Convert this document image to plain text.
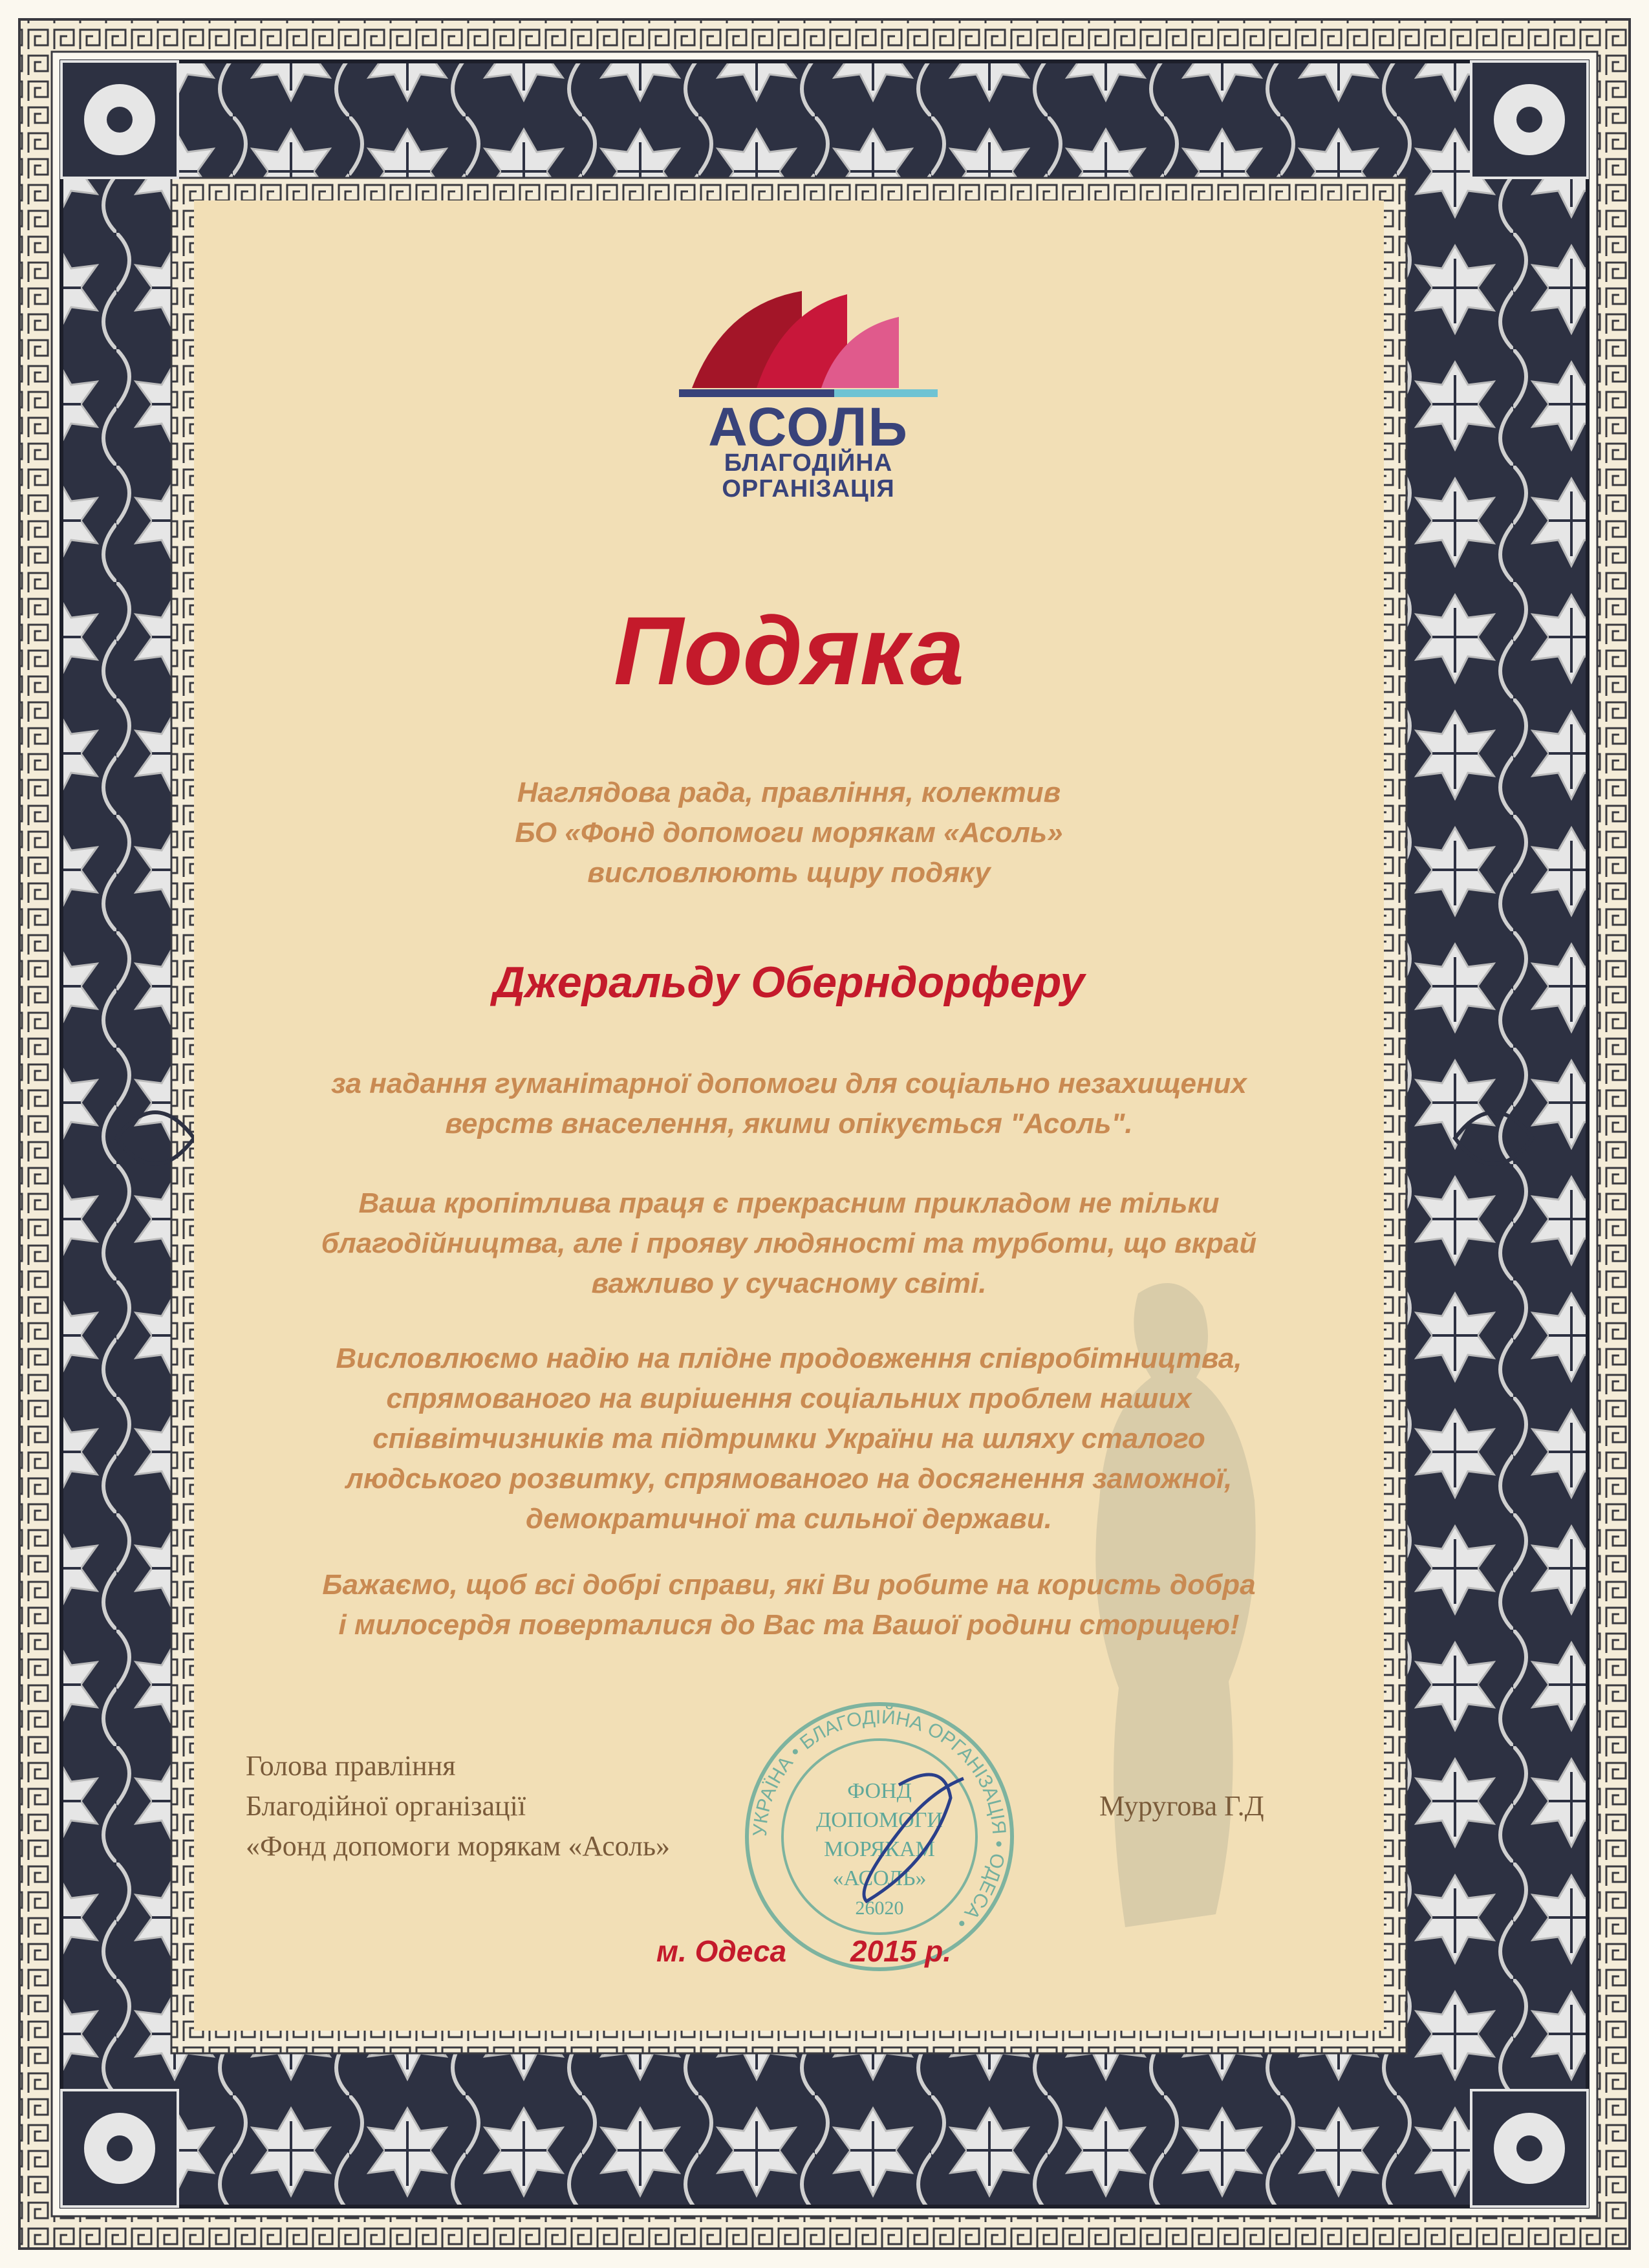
АСОЛЬ
БЛАГОДІЙНА
ОРГАНІЗАЦІЯ
Подяка
Наглядова рада, правління, колектив
БО «Фонд допомоги морякам «Асоль»
висловлюють щиру подяку
Джеральду Обернд​орферу
за надання гуманітарної допомоги для соціально незахищених
верств внаселення, якими опікується "Асоль".
Ваша кропітлива праця є прекрасним прикладом не тільки
благодійництва, але і прояву людяності та турботи, що вкрай
важливо у сучасному світі.
Висловлюємо надію на плідне продовження співробітництва,
спрямованого на вирішення соціальних проблем наших
співвітчизників та підтримки України на шляху сталого
людського розвитку, спрямованого на досягнення заможної,
демократичної та сильної держави.
Бажаємо, щоб всі добрі справи, які Ви робите на користь добра
і милосердя поверталися до Вас та Вашої родини сторицею!
УКРАЇНА • БЛАГОДІЙНА ОРГАНІЗАЦІЯ • ОДЕСА •
ФОНД
ДОПОМОГИ
МОРЯКАМ
«АСОЛЬ»
26020
Голова правління
Благодійної організації
«Фонд допомоги морякам «Асоль»
Муругова Г.Д
м. Одеса	2015 р.
